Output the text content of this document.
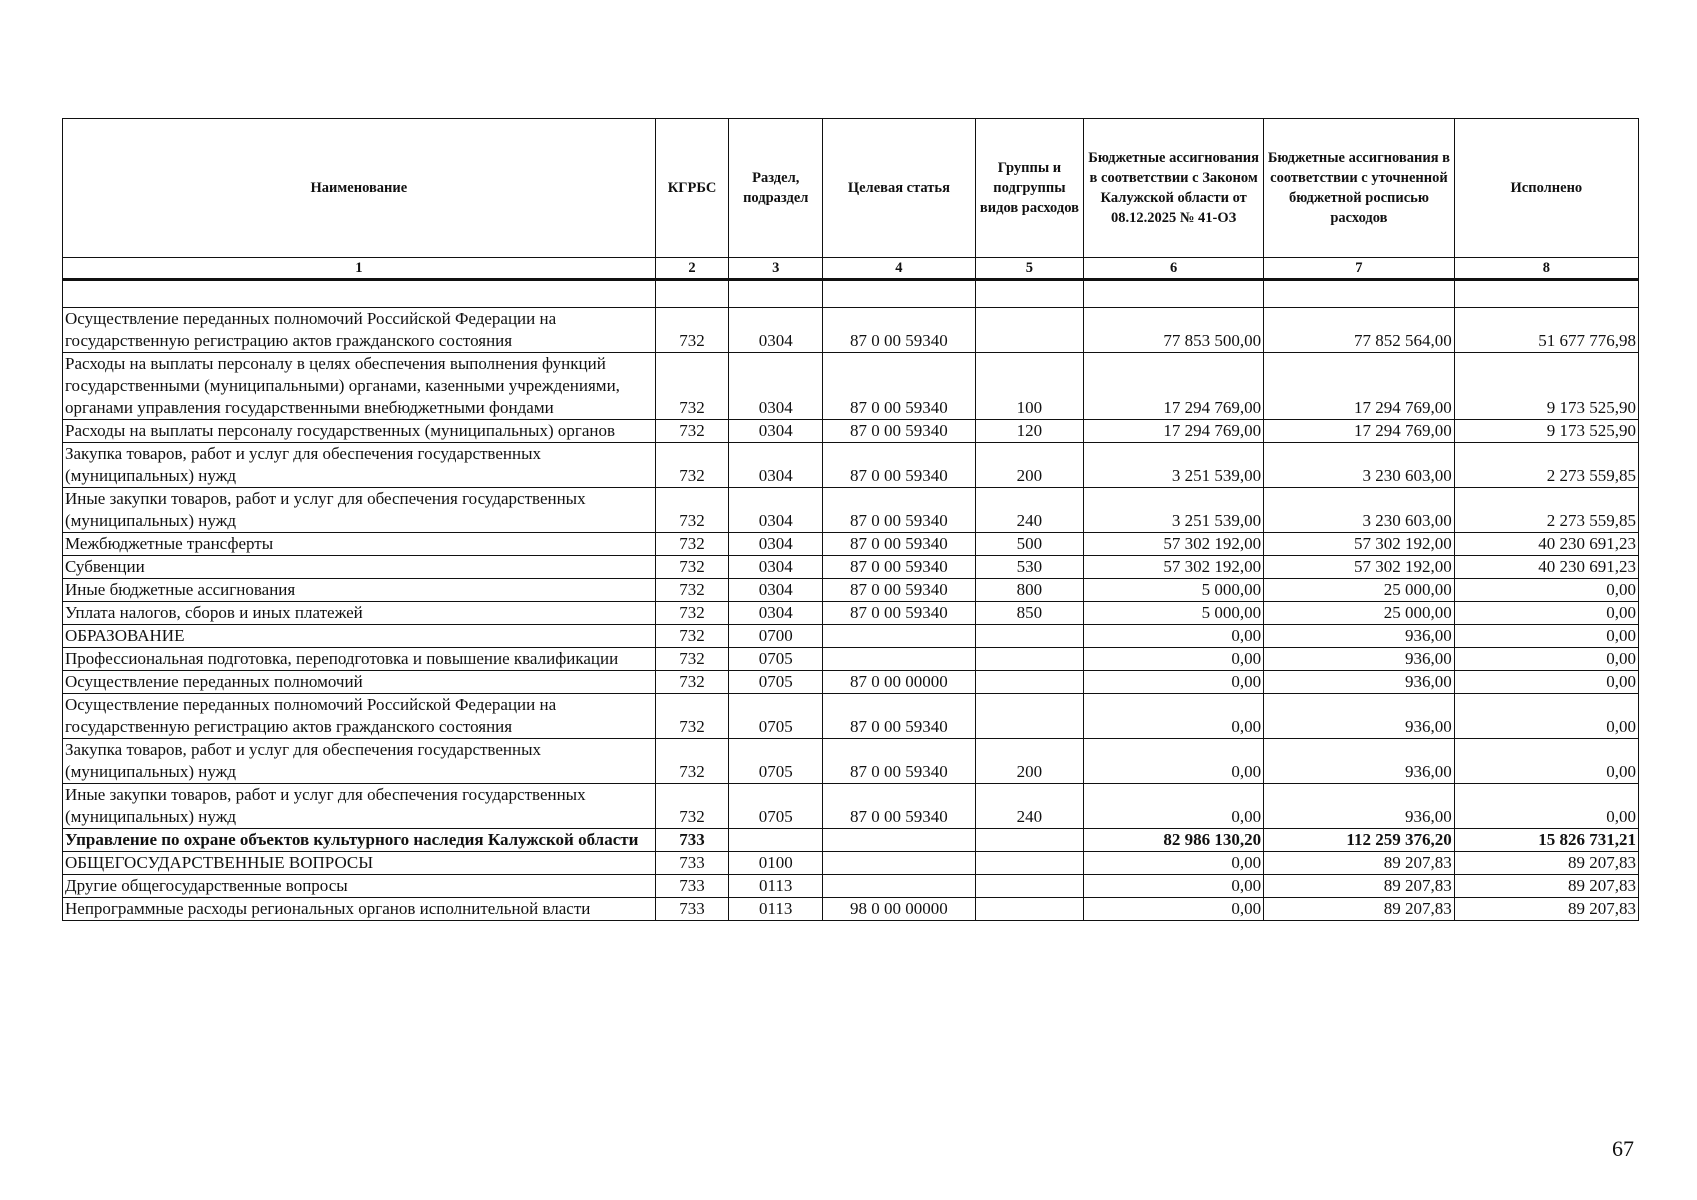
Наименование	КГРБС	Раздел, подраздел	Целевая статья	Группы и подгруппы видов расходов	Бюджетные ассигнования в соответствии с Законом Калужской области от 08.12.2025 № 41-ОЗ	Бюджетные ассигнования в соответствии с уточненной бюджетной росписью расходов	Исполнено
1	2	3	4	5	6	7	8

Осуществление переданных полномочий Российской Федерации на государственную регистрацию актов гражданского состояния	732	0304	87 0 00 59340		77 853 500,00	77 852 564,00	51 677 776,98
Расходы на выплаты персоналу в целях обеспечения выполнения функций государственными (муниципальными) органами, казенными учреждениями, органами управления государственными внебюджетными фондами	732	0304	87 0 00 59340	100	17 294 769,00	17 294 769,00	9 173 525,90
Расходы на выплаты персоналу государственных (муниципальных) органов	732	0304	87 0 00 59340	120	17 294 769,00	17 294 769,00	9 173 525,90
Закупка товаров, работ и услуг для обеспечения государственных (муниципальных) нужд	732	0304	87 0 00 59340	200	3 251 539,00	3 230 603,00	2 273 559,85
Иные закупки товаров, работ и услуг для обеспечения государственных (муниципальных) нужд	732	0304	87 0 00 59340	240	3 251 539,00	3 230 603,00	2 273 559,85
Межбюджетные трансферты	732	0304	87 0 00 59340	500	57 302 192,00	57 302 192,00	40 230 691,23
Субвенции	732	0304	87 0 00 59340	530	57 302 192,00	57 302 192,00	40 230 691,23
Иные бюджетные ассигнования	732	0304	87 0 00 59340	800	5 000,00	25 000,00	0,00
Уплата налогов, сборов и иных платежей	732	0304	87 0 00 59340	850	5 000,00	25 000,00	0,00
ОБРАЗОВАНИЕ	732	0700			0,00	936,00	0,00
Профессиональная подготовка, переподготовка и повышение квалификации	732	0705			0,00	936,00	0,00
Осуществление переданных полномочий	732	0705	87 0 00 00000		0,00	936,00	0,00
Осуществление переданных полномочий Российской Федерации на государственную регистрацию актов гражданского состояния	732	0705	87 0 00 59340		0,00	936,00	0,00
Закупка товаров, работ и услуг для обеспечения государственных (муниципальных) нужд	732	0705	87 0 00 59340	200	0,00	936,00	0,00
Иные закупки товаров, работ и услуг для обеспечения государственных (муниципальных) нужд	732	0705	87 0 00 59340	240	0,00	936,00	0,00
Управление по охране объектов культурного наследия Калужской области	733				82 986 130,20	112 259 376,20	15 826 731,21
ОБЩЕГОСУДАРСТВЕННЫЕ ВОПРОСЫ	733	0100			0,00	89 207,83	89 207,83
Другие общегосударственные вопросы	733	0113			0,00	89 207,83	89 207,83
Непрограммные расходы региональных органов исполнительной власти	733	0113	98 0 00 00000		0,00	89 207,83	89 207,83
67
